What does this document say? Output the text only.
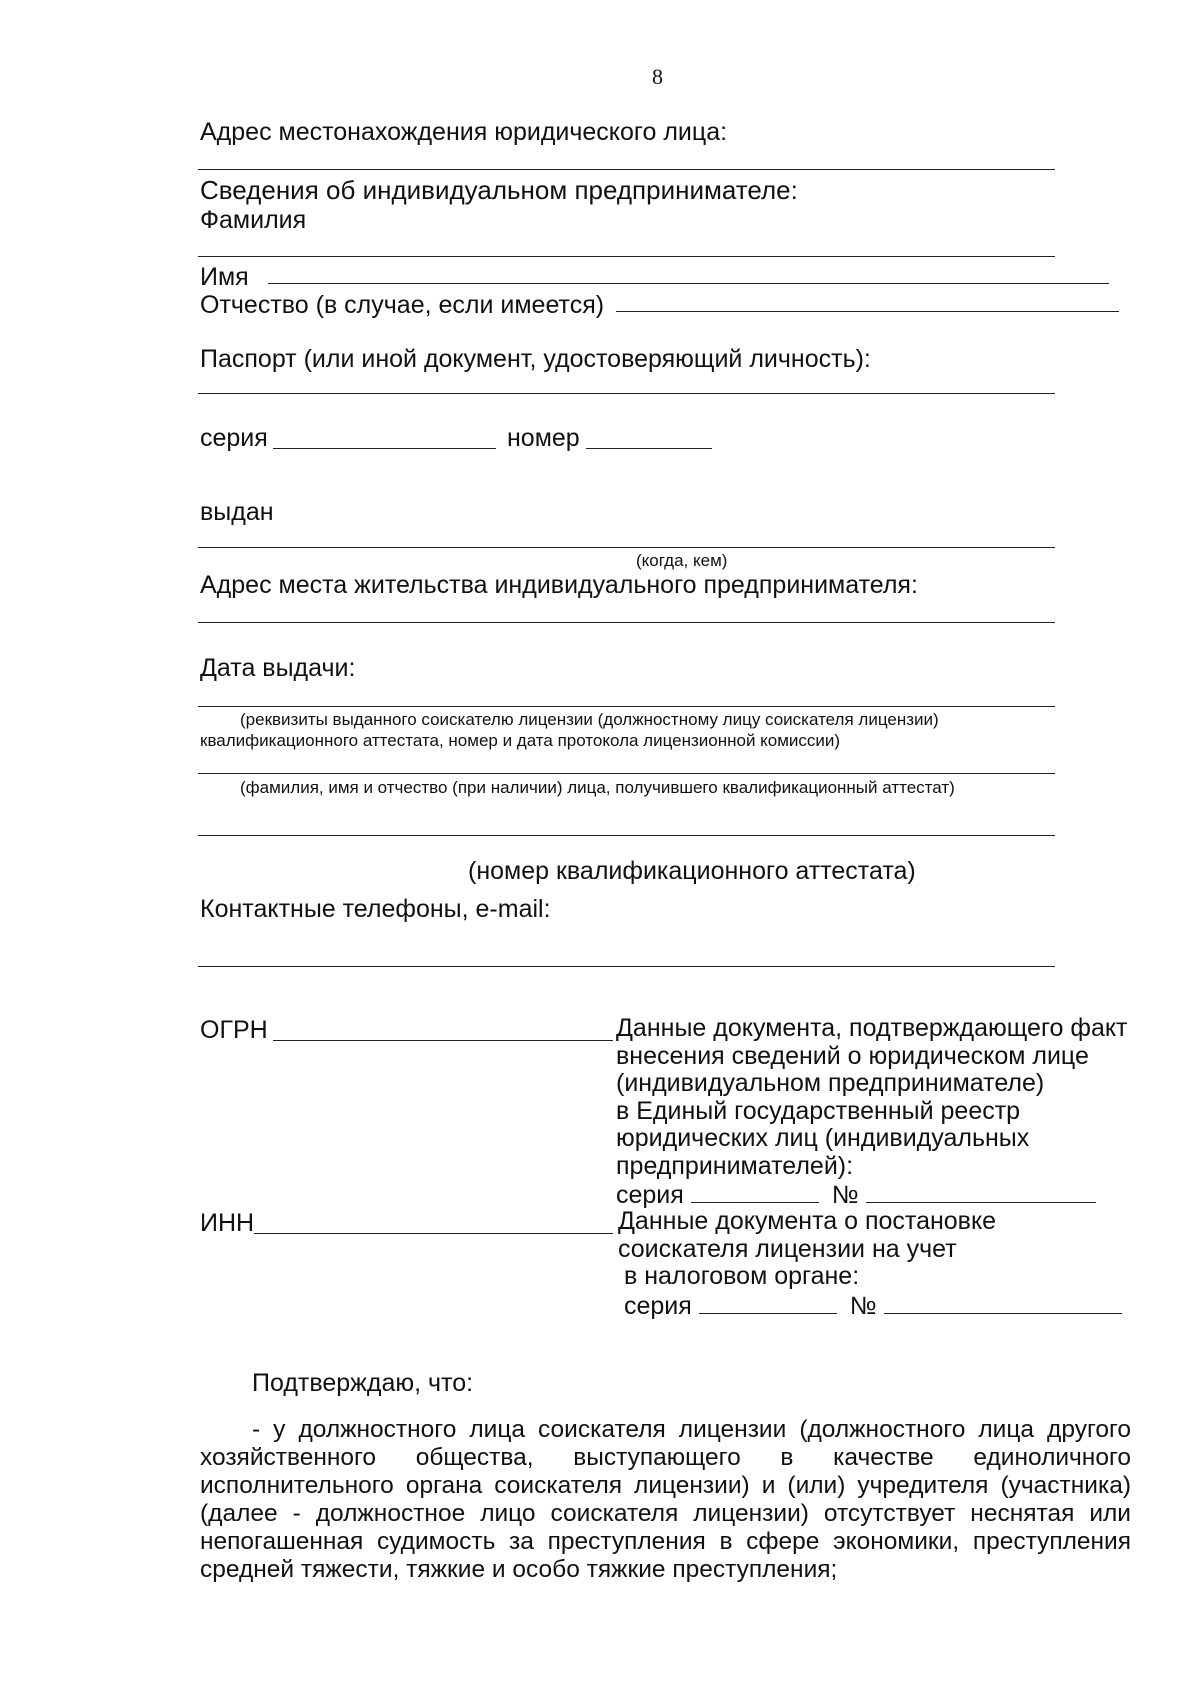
8
Адрес местонахождения юридического лица:
Сведения об индивидуальном предпринимателе:
Фамилия
Имя
Отчество (в случае, если имеется)
Паспорт (или иной документ, удостоверяющий личность):
серия	номер
выдан
(когда, кем)
Адрес места жительства индивидуального предпринимателя:
Дата выдачи:
(реквизиты выданного соискателю лицензии (должностному лицу соискателя лицензии)
квалификационного аттестата, номер и дата протокола лицензионной комиссии)
(фамилия, имя и отчество (при наличии) лица, получившего квалификационный аттестат)
(номер квалификационного аттестата)
Контактные телефоны, e-mail:
ОГРН	Данные документа, подтверждающего факт
внесения сведений о юридическом лице
(индивидуальном предпринимателе)
в Единый государственный реестр
юридических лиц (индивидуальных
предпринимателей):
серия	№
ИНН	Данные документа о постановке
соискателя лицензии на учет
в налоговом органе:
серия	№
Подтверждаю, что:
- у должностного лица соискателя лицензии (должностного лица другого
хозяйственного общества, выступающего в качестве единоличного
исполнительного органа соискателя лицензии) и (или) учредителя (участника)
(далее - должностное лицо соискателя лицензии) отсутствует неснятая или
непогашенная судимость за преступления в сфере экономики, преступления
средней тяжести, тяжкие и особо тяжкие преступления;
